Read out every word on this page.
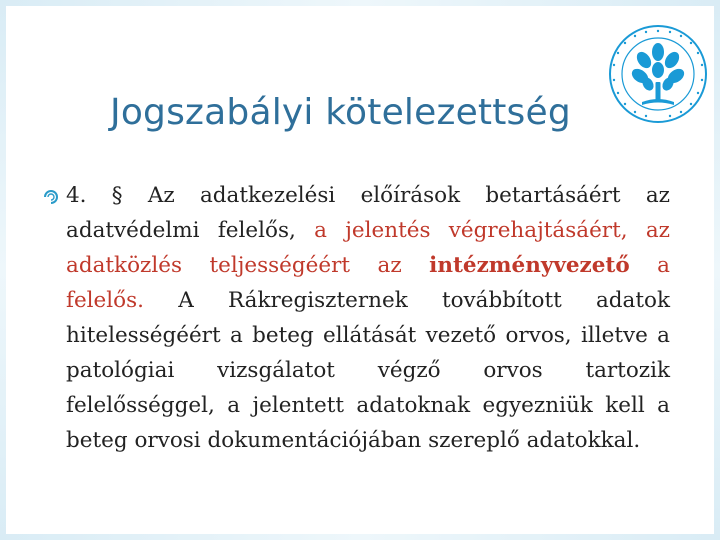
Jogszabályi kötelezettség
4. § Az adatkezelési előírások betartásáért az adatvédelmi felelős, a jelentés végrehajtásáért, az adatközlés teljességéért az intézményvezető a felelős. A Rákregiszternek továbbított adatok hitelességéért a beteg ellátását vezető orvos, illetve a patológiai vizsgálatot végző orvos tartozik felelősséggel, a jelentett adatoknak egyezniük kell a beteg orvosi dokumentációjában szereplő adatokkal.
